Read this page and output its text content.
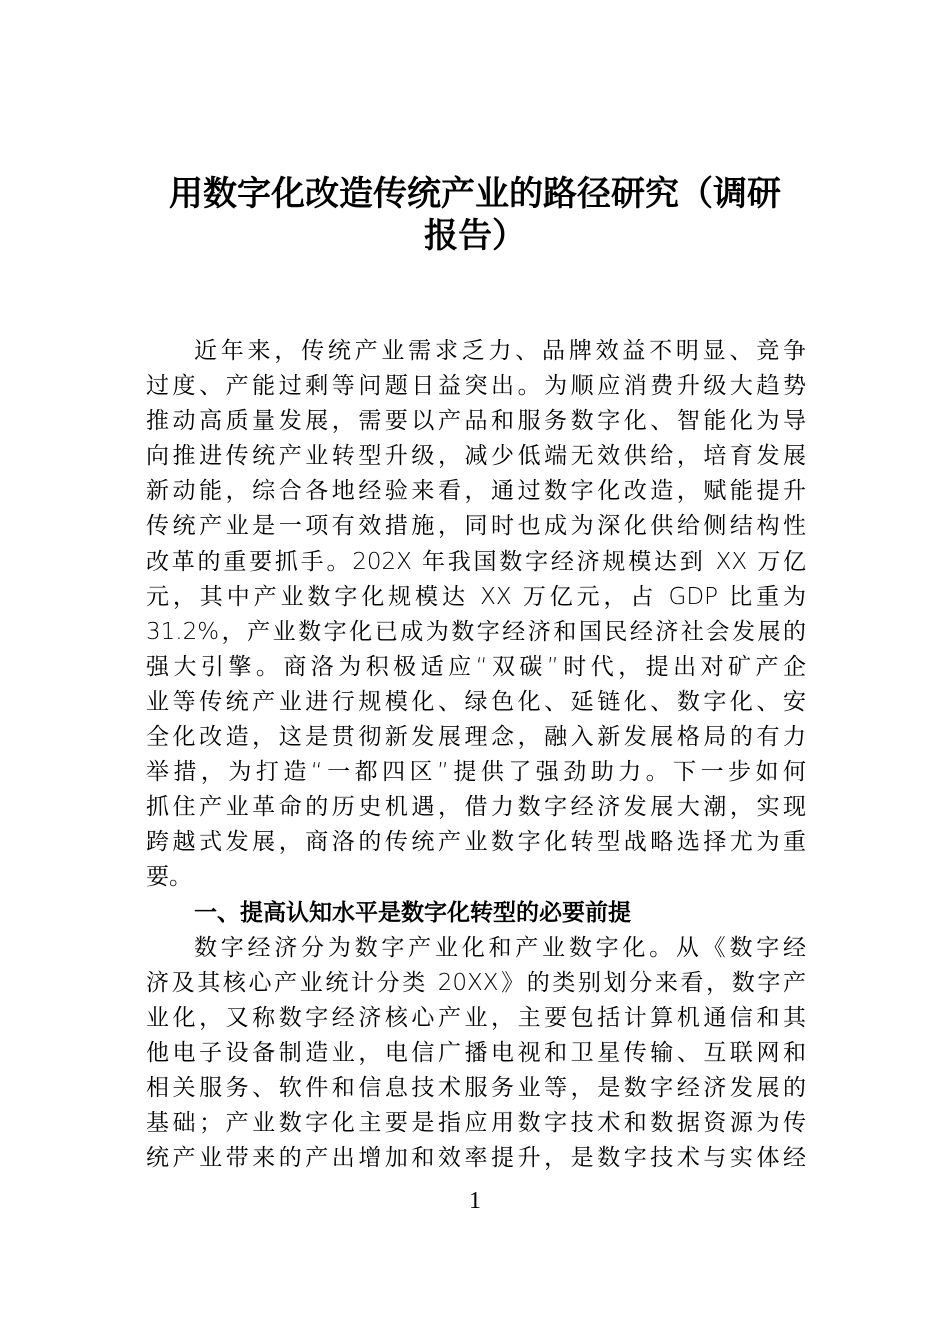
用数字化改造传统产业的路径研究（调研
报告）
近年来，传统产业需求乏力、品牌效益不明显、竞争
过度、产能过剩等问题日益突出。为顺应消费升级大趋势
推动高质量发展，需要以产品和服务数字化、智能化为导
向推进传统产业转型升级，减少低端无效供给，培育发展
新动能，综合各地经验来看，通过数字化改造，赋能提升
传统产业是一项有效措施，同时也成为深化供给侧结构性
改革的重要抓手。202X 年我国数字经济规模达到 XX 万亿
元，其中产业数字化规模达 XX 万亿元，占 GDP 比重为
31.2%，产业数字化已成为数字经济和国民经济社会发展的
强大引擎。商洛为积极适应“双碳”时代，提出对矿产企
业等传统产业进行规模化、绿色化、延链化、数字化、安
全化改造，这是贯彻新发展理念，融入新发展格局的有力
举措，为打造“一都四区”提供了强劲助力。下一步如何
抓住产业革命的历史机遇，借力数字经济发展大潮，实现
跨越式发展，商洛的传统产业数字化转型战略选择尤为重
要。
一、提高认知水平是数字化转型的必要前提
数字经济分为数字产业化和产业数字化。从《数字经
济及其核心产业统计分类 20XX》的类别划分来看，数字产
业化，又称数字经济核心产业，主要包括计算机通信和其
他电子设备制造业，电信广播电视和卫星传输、互联网和
相关服务、软件和信息技术服务业等，是数字经济发展的
基础；产业数字化主要是指应用数字技术和数据资源为传
统产业带来的产出增加和效率提升，是数字技术与实体经
1
